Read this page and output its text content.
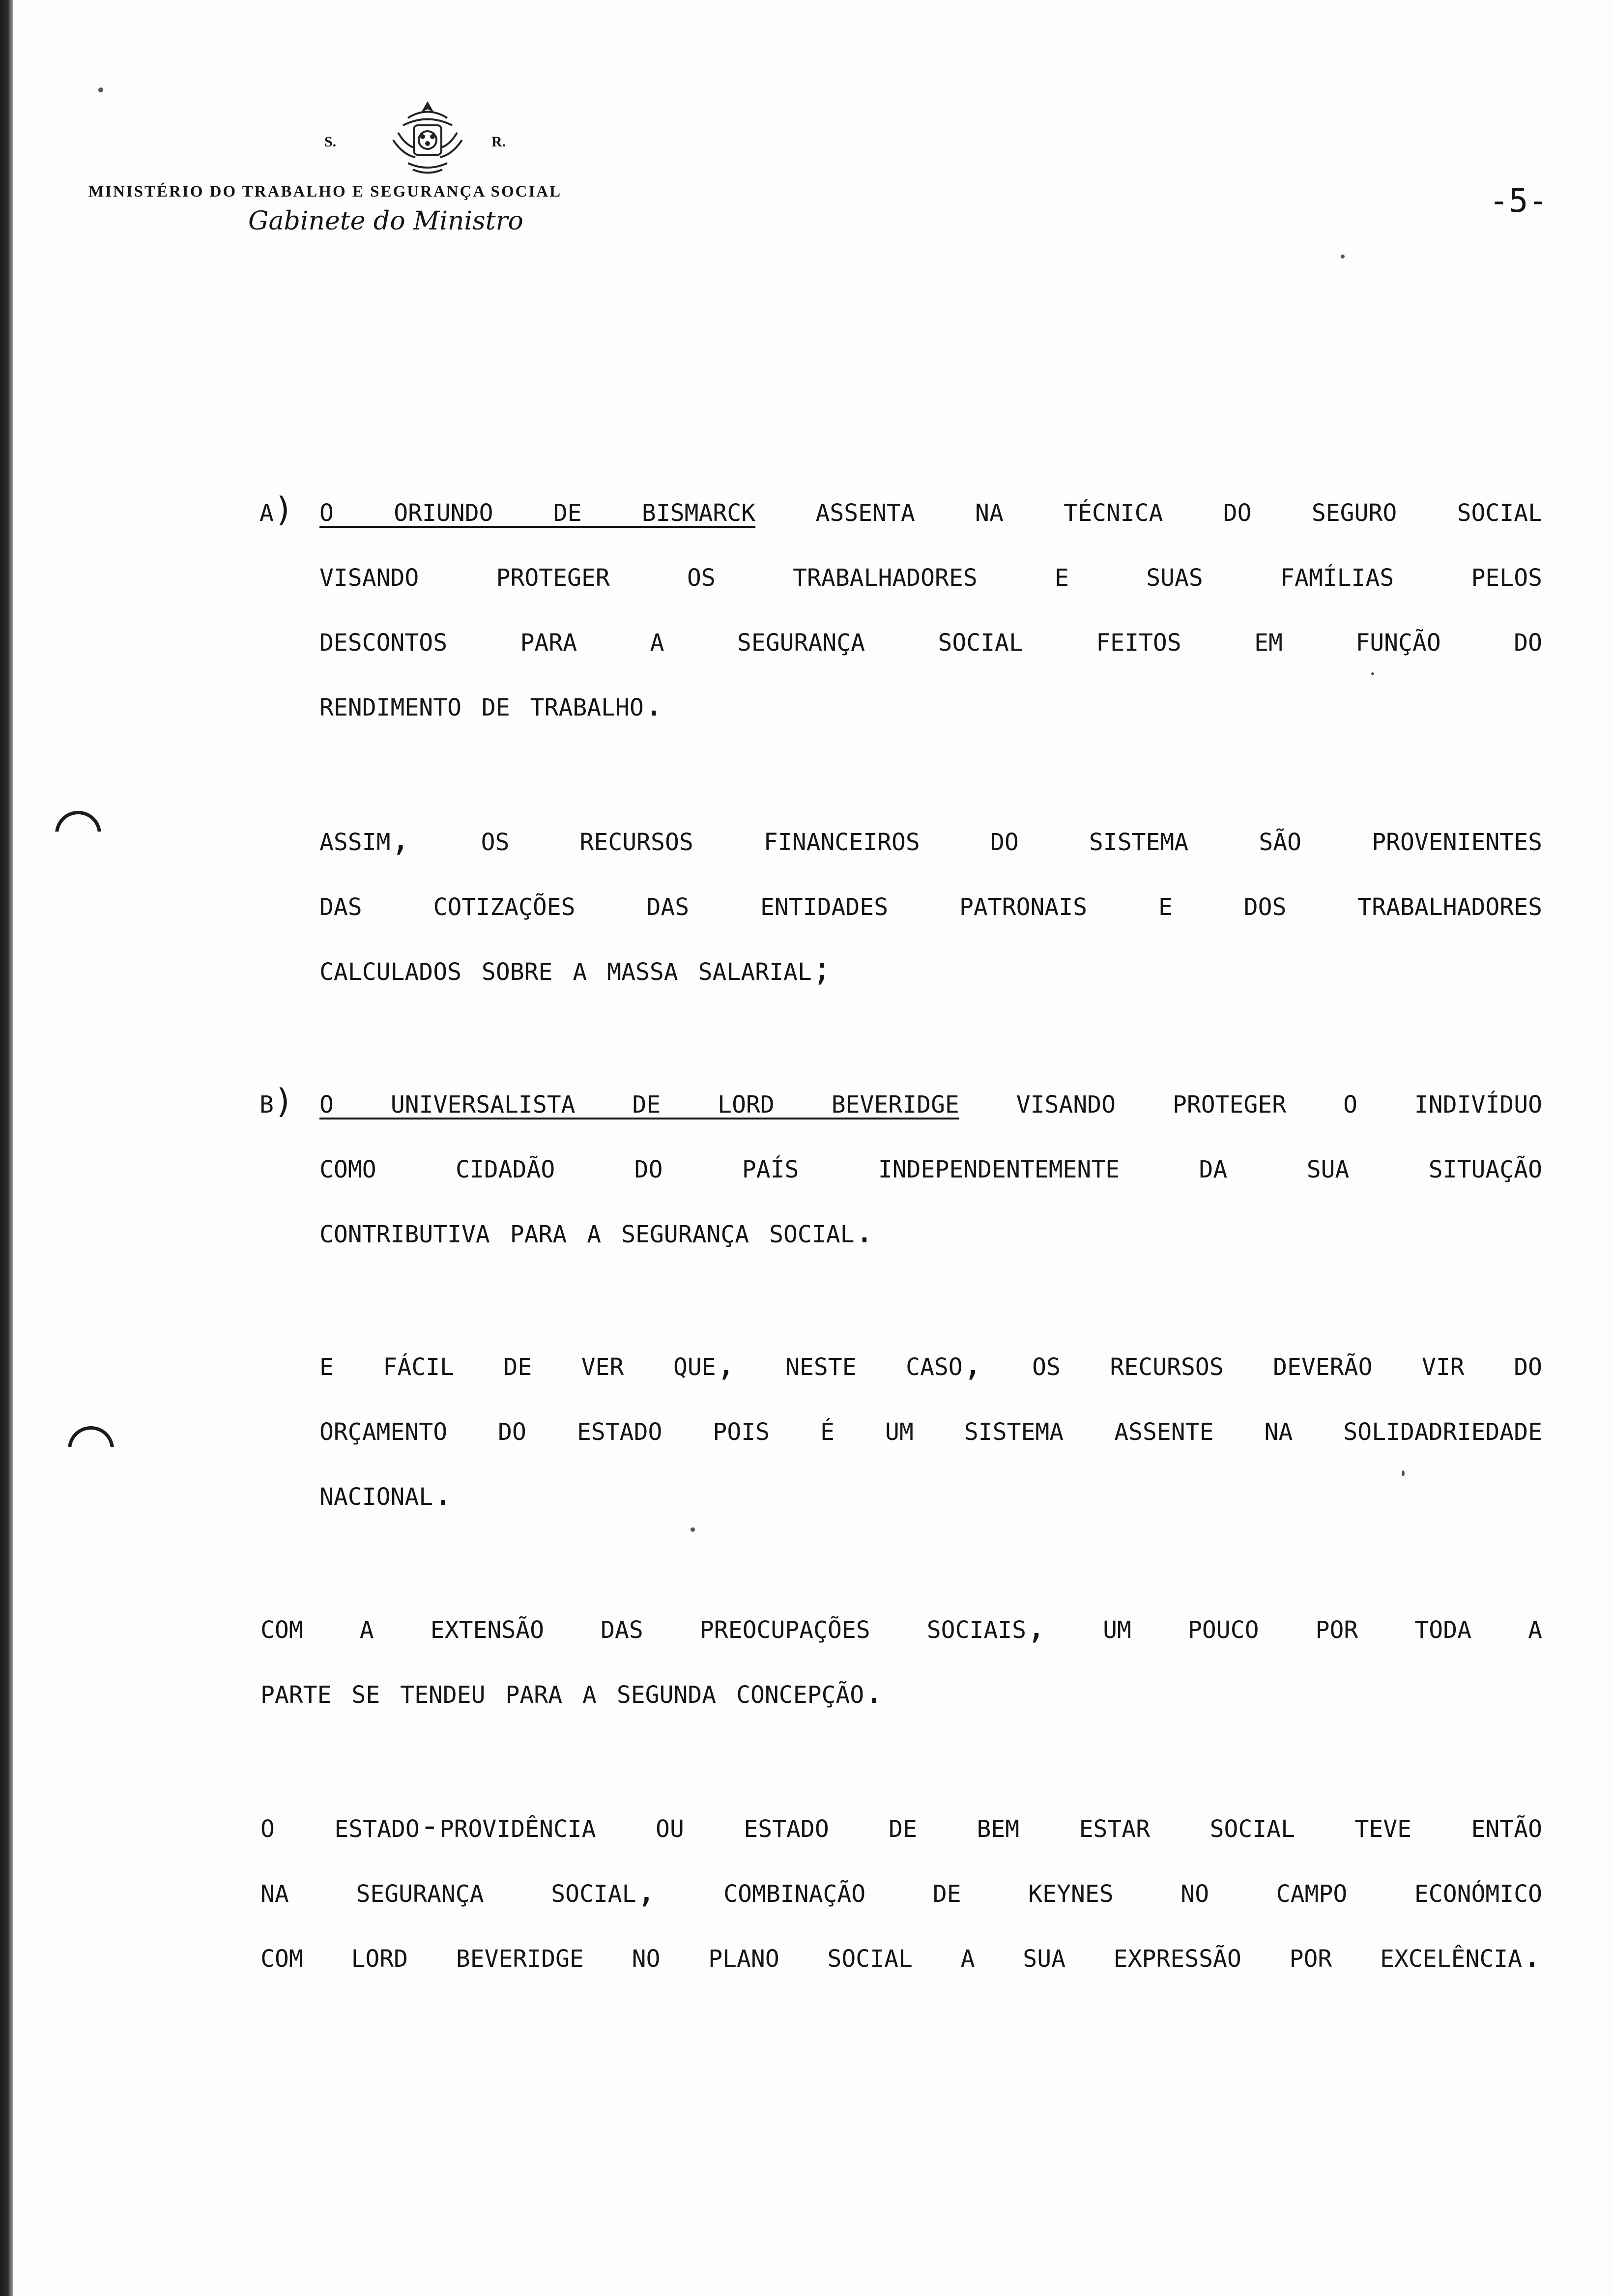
S.	R.
MINISTÉRIO DO TRABALHO E SEGURANÇA SOCIAL
Gabinete do Ministro
-5-
a) o oriundo de bismarck assenta na técnica do seguro social
visando proteger os trabalhadores e suas famílias pelos
descontos para a segurança social feitos em função do
rendimento de trabalho.
assim, os recursos financeiros do sistema são provenientes
das cotizações das entidades patronais e dos trabalhadores
calculados sobre a massa salarial;
b) o universalista de lord beveridge visando proteger o indivíduo
como cidadão do país independentemente da sua situação
contributiva para a segurança social.
e fácil de ver que, neste caso, os recursos deverão vir do
orçamento do estado pois é um sistema assente na solidadriedade
nacional.
com a extensão das preocupações sociais, um pouco por toda a
parte se tendeu para a segunda concepção.
o estado-providência ou estado de bem estar social teve então
na segurança social, combinação de keynes no campo económico
com lord beveridge no plano social a sua expressão por excelência.
